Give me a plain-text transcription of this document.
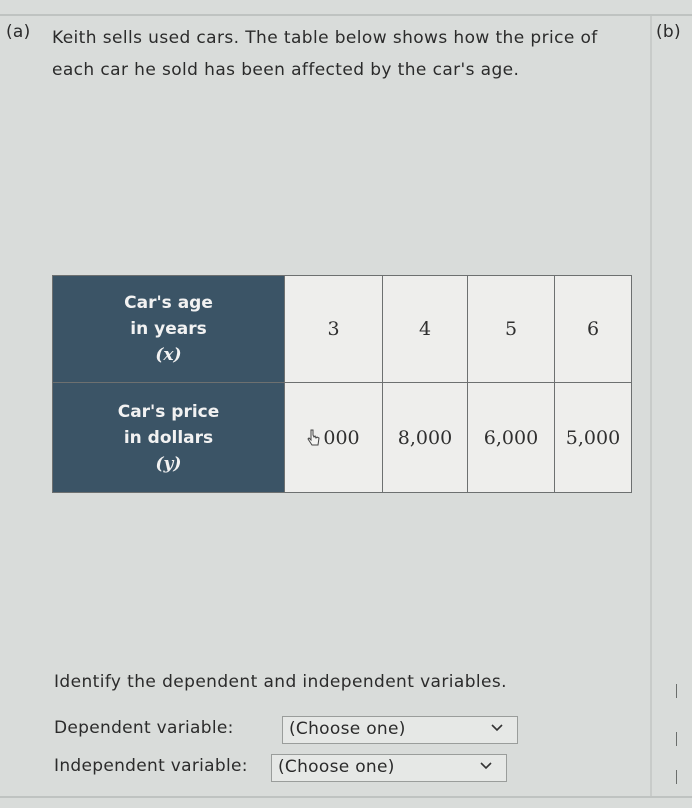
(a) Keith sells used cars. The table below shows how the price of each car he sold has been affected by the car's age.
(b)
Car's age
in years
(x)	3	4	5	6

Car's price
in dollars
(y)	000	8,000	6,000	5,000
Identify the dependent and independent variables.
Dependent variable:	(Choose one)
Independent variable: (Choose one)
